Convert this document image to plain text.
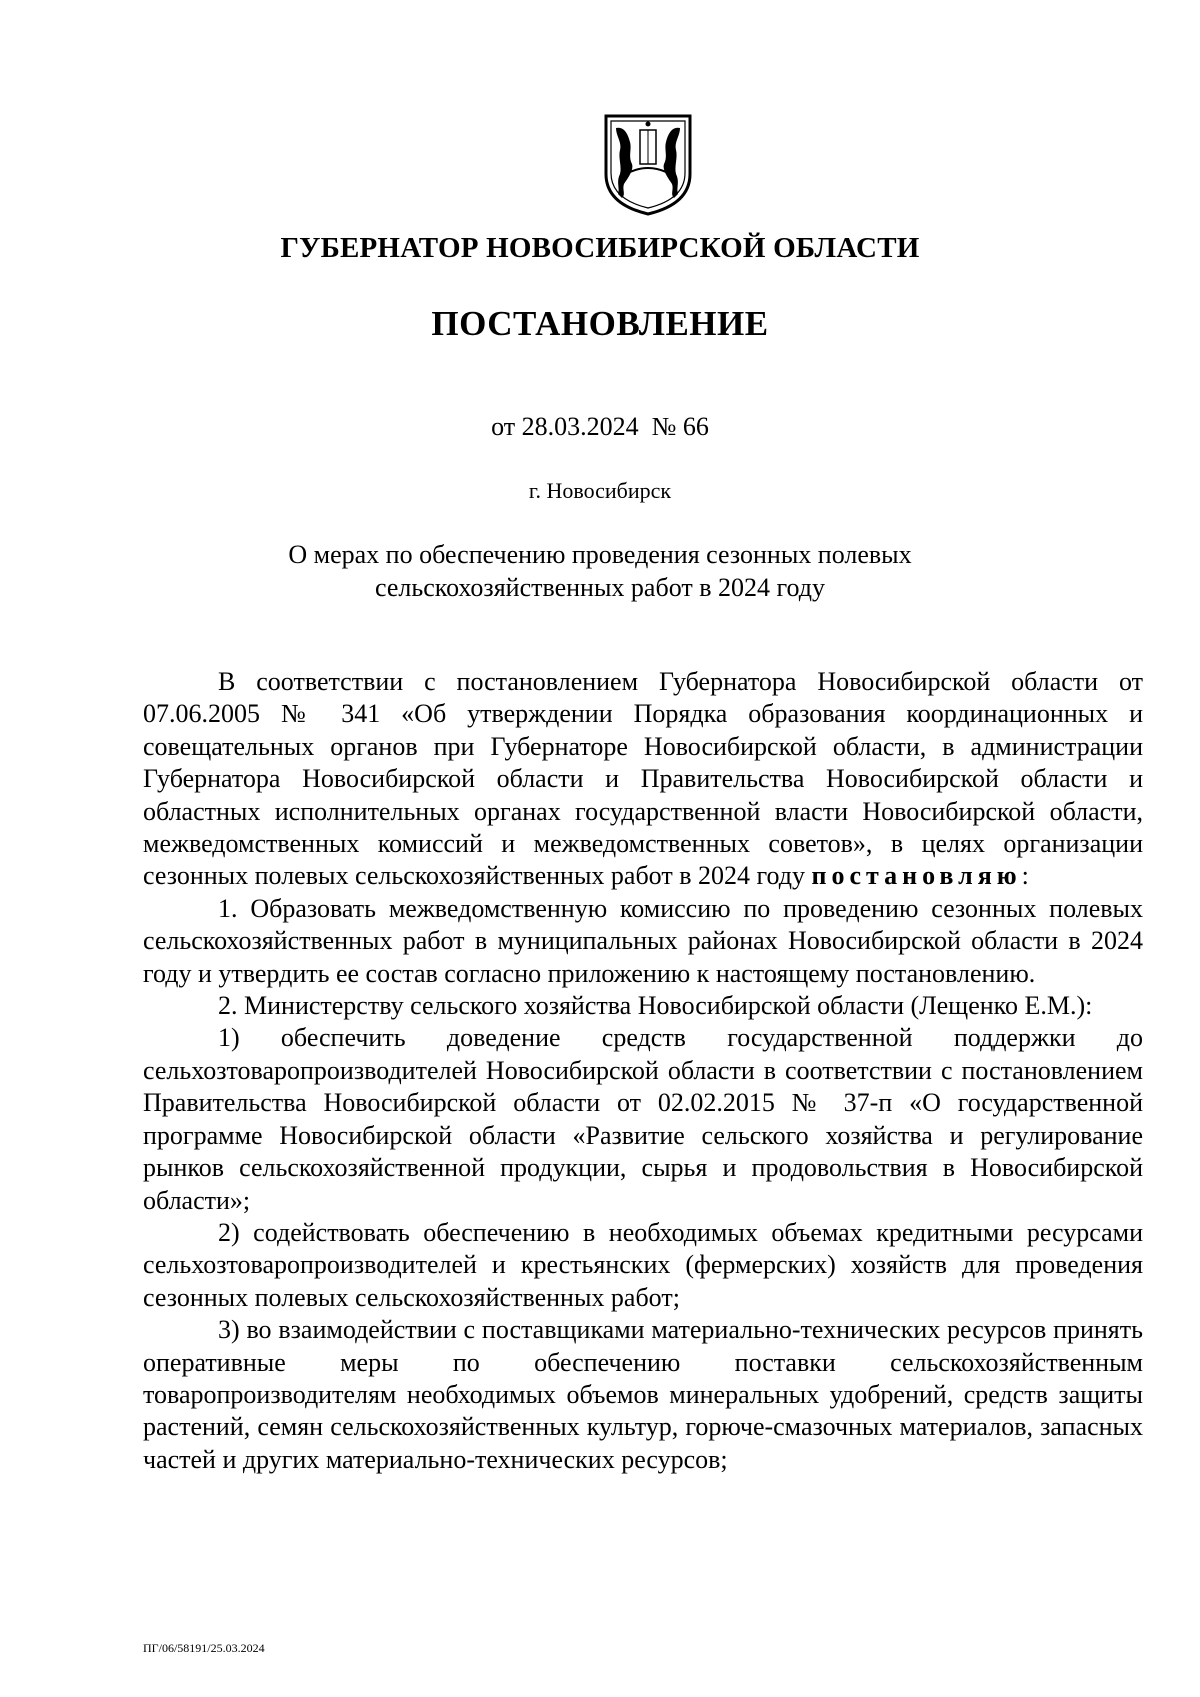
ГУБЕРНАТОР НОВОСИБИРСКОЙ ОБЛАСТИ
ПОСТАНОВЛЕНИЕ
от 28.03.2024 № 66
г. Новосибирск
О мерах по обеспечению проведения сезонных полевых
сельскохозяйственных работ в 2024 году

В соответствии с постановлением Губернатора Новосибирской области от 07.06.2005 № 341 «Об утверждении Порядка образования координационных и совещательных органов при Губернаторе Новосибирской области, в администрации Губернатора Новосибирской области и Правительства Новосибирской области и областных исполнительных органах государственной власти Новосибирской области, межведомственных комиссий и межведомственных советов», в целях организации сезонных полевых сельскохозяйственных работ в 2024 году постановляю:

1. Образовать межведомственную комиссию по проведению сезонных полевых сельскохозяйственных работ в муниципальных районах Новосибирской области в 2024 году и утвердить ее состав согласно приложению к настоящему постановлению.

2. Министерству сельского хозяйства Новосибирской области (Лещенко Е.М.):

1) обеспечить доведение средств государственной поддержки до сельхозтоваропроизводителей Новосибирской области в соответствии с постановлением Правительства Новосибирской области от 02.02.2015 № 37-п «О государственной программе Новосибирской области «Развитие сельского хозяйства и регулирование рынков сельскохозяйственной продукции, сырья и продовольствия в Новосибирской области»;

2) содействовать обеспечению в необходимых объемах кредитными ресурсами сельхозтоваропроизводителей и крестьянских (фермерских) хозяйств для проведения сезонных полевых сельскохозяйственных работ;

3) во взаимодействии с поставщиками материально-технических ресурсов принять оперативные меры по обеспечению поставки сельскохозяйственным товаропроизводителям необходимых объемов минеральных удобрений, средств защиты растений, семян сельскохозяйственных культур, горюче-смазочных материалов, запасных частей и других материально-технических ресурсов;

ПГ/06/58191/25.03.2024
